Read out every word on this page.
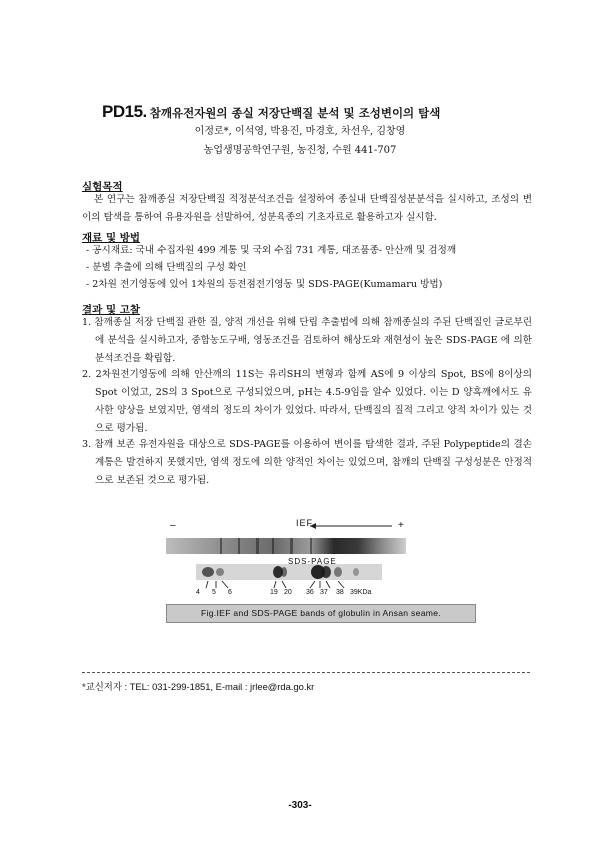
PD15. 참깨유전자원의 종실 저장단백질 분석 및 조성변이의 탐색
이정로*, 이석영, 박용진, 마경호, 차선우, 김창영
농업생명공학연구원, 농진청, 수원 441-707
실험목적
본 연구는 참깨종실 저장단백질 적정분석조건을 설정하여 종실내 단백질성분분석을 실시하고, 조성의 변이의 탐색을 통하여 유용자원을 선발하여, 성분육종의 기초자료로 활용하고자 실시함.
재료 및 방법
- 공시재료: 국내 수집자원 499 계통 및 국외 수집 731 계통, 대조품종- 안산깨 및 검정깨
- 분별 추출에 의해 단백질의 구성 확인
- 2차원 전기영동에 있어 1차원의 등전점전기영동 및 SDS-PAGE(Kumamaru 방법)
결과 및 고찰

1. 참깨종실 저장 단백질 관한 질, 양적 개선을 위해 단립 추출법에 의해 참깨종실의 주된 단백질인 글로부린에 분석을 실시하고자, 중합농도구배, 영동조건을 검토하여 해상도와 재현성이 높은 SDS-PAGE 에 의한 분석조건을 확립함.

2. 2차원전기영동에 의해 안산깨의 11S는 유리SH의 변형과 함께 AS에 9 이상의 Spot, BS에 8이상의 Spot 이었고, 2S의 3 Spot으로 구성되었으며, pH는 4.5-9임을 알수 있었다. 이는 D 양흑깨에서도 유사한 양상을 보였지만, 염색의 정도의 차이가 있었다. 따라서, 단백질의 질적 그리고 양적 차이가 있는 것으로 평가됨.

3. 참깨 보존 유전자원을 대상으로 SDS-PAGE를 이용하여 변이를 탐색한 결과, 주된 Polypeptide의 결손 계통은 발견하지 못했지만, 염색 정도에 의한 양적인 차이는 있었으며, 참깨의 단백질 구성성분은 안정적으로 보존된 것으로 평가됨.

–	+
IEF
SDS-PAGE
4 5 6	19 20 36 37 38 39KDa
Fig.IEF and SDS-PAGE bands of globulin in Ansan seame.
*교신저자 : TEL: 031-299-1851, E-mail : jrlee@rda.go.kr
-303-
